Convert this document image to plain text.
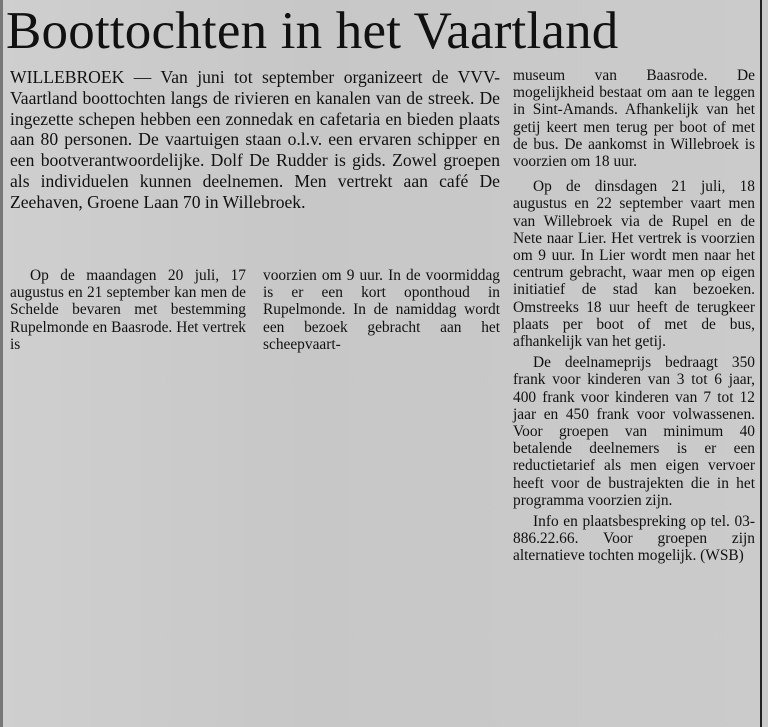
Boottochten in het Vaartland

WILLEBROEK — Van juni tot september organizeert de VVV-Vaartland boottochten langs de rivieren en kanalen van de streek. De ingezette schepen hebben een zonnedak en cafetaria en bieden plaats aan 80 personen. De vaartuigen staan o.l.v. een ervaren schipper en een bootverantwoordelijke. Dolf De Rudder is gids. Zowel groepen als individuelen kunnen deelnemen. Men vertrekt aan café De Zeehaven, Groene Laan 70 in Willebroek.

Op de maandagen 20 juli, 17 augustus en 21 september kan men de Schelde bevaren met bestemming Rupelmonde en Baasrode. Het vertrek is

voorzien om 9 uur. In de voormiddag is er een kort oponthoud in Rupelmonde. In de namiddag wordt een bezoek gebracht aan het scheepvaart-

museum van Baasrode. De mogelijkheid bestaat om aan te leggen in Sint-Amands. Afhankelijk van het getij keert men terug per boot of met de bus. De aankomst in Willebroek is voorzien om 18 uur.

Op de dinsdagen 21 juli, 18 augustus en 22 september vaart men van Willebroek via de Rupel en de Nete naar Lier. Het vertrek is voorzien om 9 uur. In Lier wordt men naar het centrum gebracht, waar men op eigen initiatief de stad kan bezoeken. Omstreeks 18 uur heeft de terugkeer plaats per boot of met de bus, afhankelijk van het getij.

De deelnameprijs bedraagt 350 frank voor kinderen van 3 tot 6 jaar, 400 frank voor kinderen van 7 tot 12 jaar en 450 frank voor volwassenen. Voor groepen van minimum 40 betalende deelnemers is er een reductietarief als men eigen vervoer heeft voor de bustrajekten die in het programma voorzien zijn.

Info en plaatsbespreking op tel. 03-886.22.66. Voor groepen zijn alternatieve tochten mogelijk. (WSB)
